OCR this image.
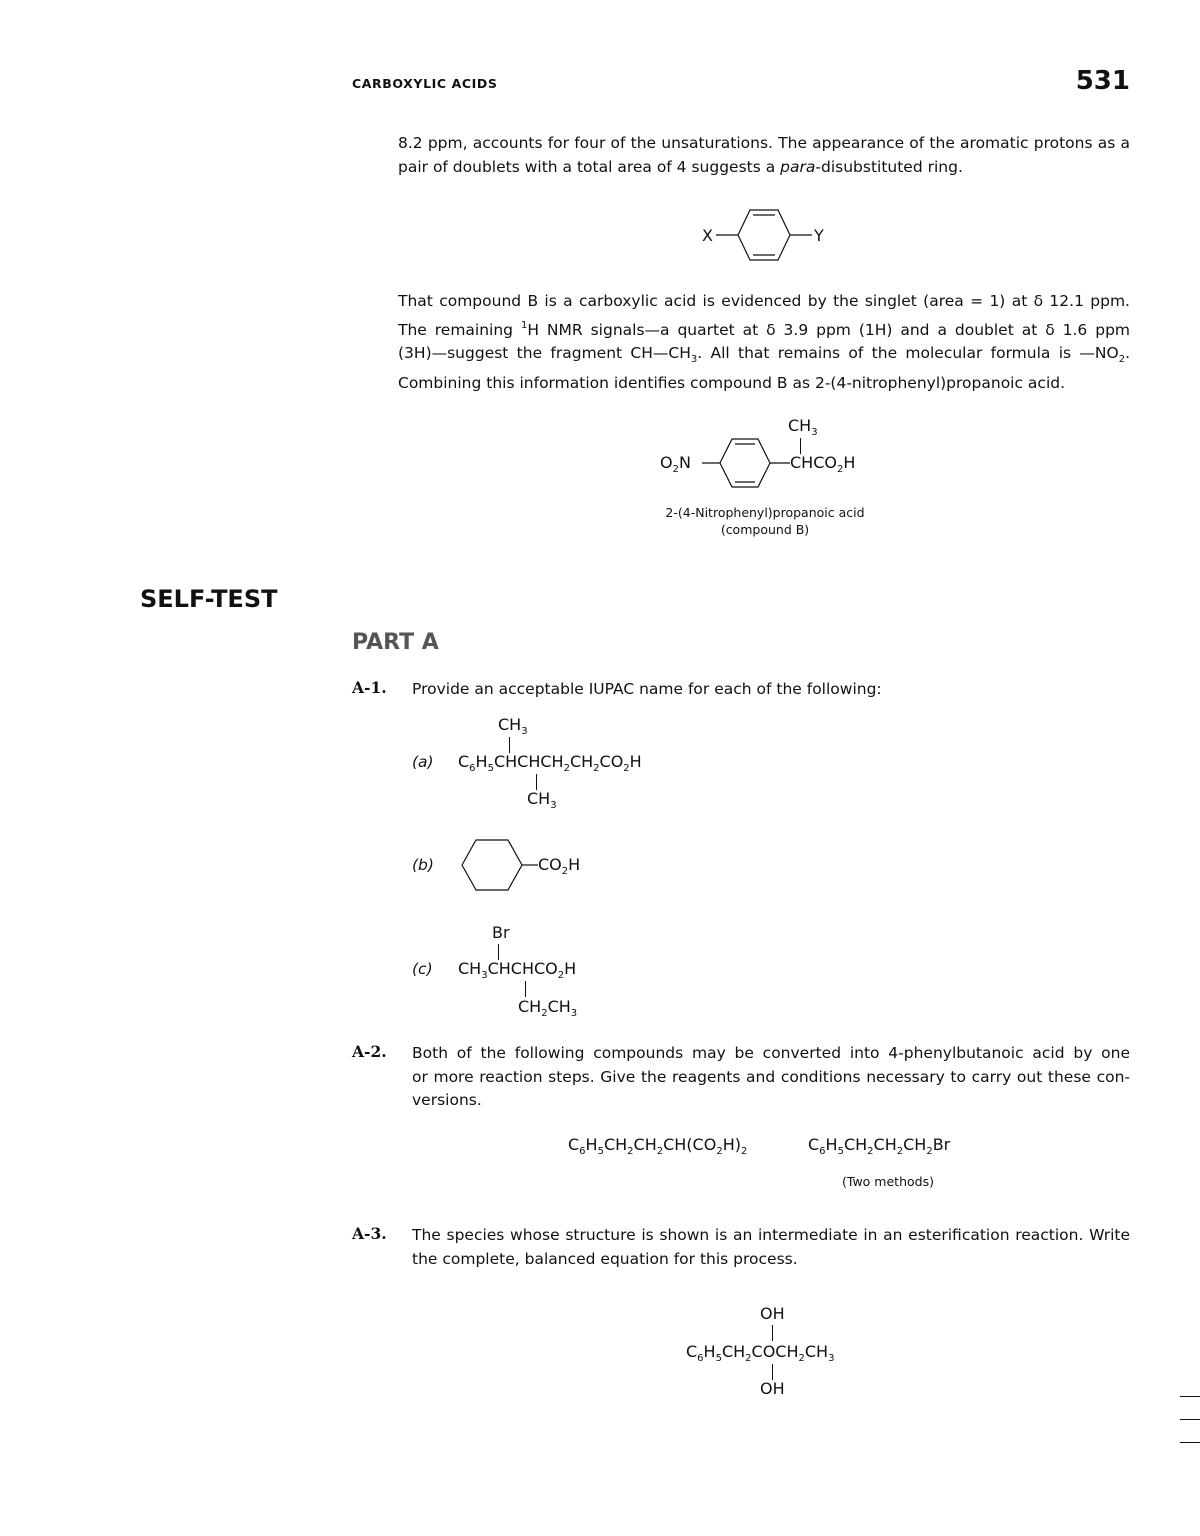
CARBOXYLIC ACIDS	531
8.2 ppm, accounts for four of the unsaturations. The appearance of the aromatic protons as a
pair of doublets with a total area of 4 suggests a para-disubstituted ring.
X	Y
That compound B is a carboxylic acid is evidenced by the singlet (area = 1) at δ 12.1 ppm.
The remaining $^1$H NMR signals—a quartet at δ 3.9 ppm (1H) and a doublet at δ 1.6 ppm
(3H)—suggest the fragment $CH—CH_3$. All that remains of the molecular formula is $—NO_2$.
Combining this information identifies compound B as 2-(4-nitrophenyl)propanoic acid.
$CH_3$
$O_2N$	$CHCO_2H$
2-(4-Nitrophenyl)propanoic acid
(compound B)
SELF-TEST
PART A
A-1. Provide an acceptable IUPAC name for each of the following:
$CH_3$
(a) $C_6H_5CHCHCH_2CH_2CO_2H$
$CH_3$
(b)	$CO_2H$
Br
(c) $CH_3CHCHCO_2H$
$CH_2CH_3$
A-2. Both of the following compounds may be converted into 4-phenylbutanoic acid by one
or more reaction steps. Give the reagents and conditions necessary to carry out these con-
versions.
$C_6H_5CH_2CH_2CH(CO_2H)_2$	$C_6H_5CH_2CH_2CH_2Br$
(Two methods)
A-3. The species whose structure is shown is an intermediate in an esterification reaction. Write
the complete, balanced equation for this process.
OH
$C_6H_5CH_2COCH_2CH_3$
OH
